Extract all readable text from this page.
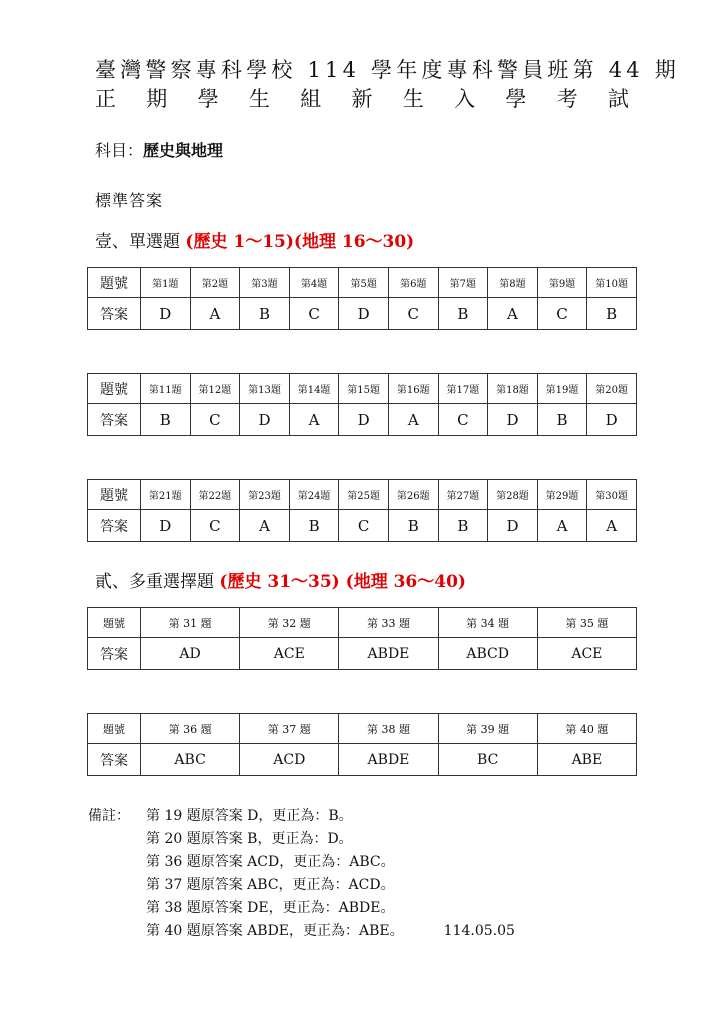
臺灣警察專科學校 114 學年度專科警員班第 44 期
正 期 學 生 組 新 生 入 學 考 試
科目：歷史與地理
標準答案
壹、單選題 (歷史 1～15)(地理 16～30)
題號	第1題	第2題	第3題	第4題	第5題	第6題	第7題	第8題	第9題	第10題
答案	D	A	B	C	D	C	B	A	C	B
題號	第11題	第12題	第13題	第14題	第15題	第16題	第17題	第18題	第19題	第20題
答案	B	C	D	A	D	A	C	D	B	D
題號	第21題	第22題	第23題	第24題	第25題	第26題	第27題	第28題	第29題	第30題
答案	D	C	A	B	C	B	B	D	A	A
貳、多重選擇題 (歷史 31～35) (地理 36～40)
題號	第 31 題	第 32 題	第 33 題	第 34 題	第 35 題
答案	AD	ACE	ABDE	ABCD	ACE
題號	第 36 題	第 37 題	第 38 題	第 39 題	第 40 題
答案	ABC	ACD	ABDE	BC	ABE
備註： 第 19 題原答案 D，更正為：B。
第 20 題原答案 B，更正為：D。
第 36 題原答案 ACD，更正為：ABC。
第 37 題原答案 ABC，更正為：ACD。
第 38 題原答案 DE，更正為：ABDE。
第 40 題原答案 ABDE，更正為：ABE。	114.05.05
